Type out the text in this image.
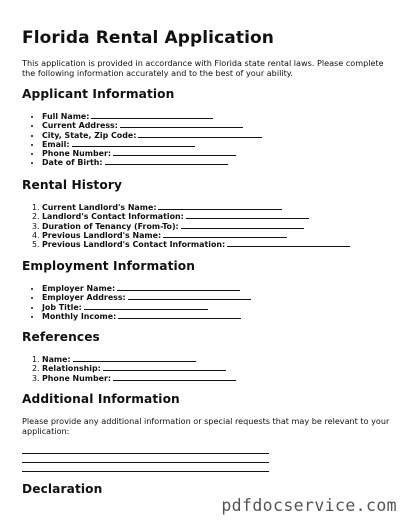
Florida Rental Application

This application is provided in accordance with Florida state rental laws. Please complete the following information accurately and to the best of your ability.

Applicant Information
• Full Name:
• Current Address:
• City, State, Zip Code:
• Email:
• Phone Number:
• Date of Birth:
Rental History
1. Current Landlord's Name:
2. Landlord's Contact Information:
3. Duration of Tenancy (From-To):
4. Previous Landlord's Name:
5. Previous Landlord's Contact Information:
Employment Information
• Employer Name:
• Employer Address:
• Job Title:
• Monthly Income:
References
1. Name:
2. Relationship:
3. Phone Number:
Additional Information

Please provide any additional information or special requests that may be relevant to your application:

Declaration
pdfdocservice.com
